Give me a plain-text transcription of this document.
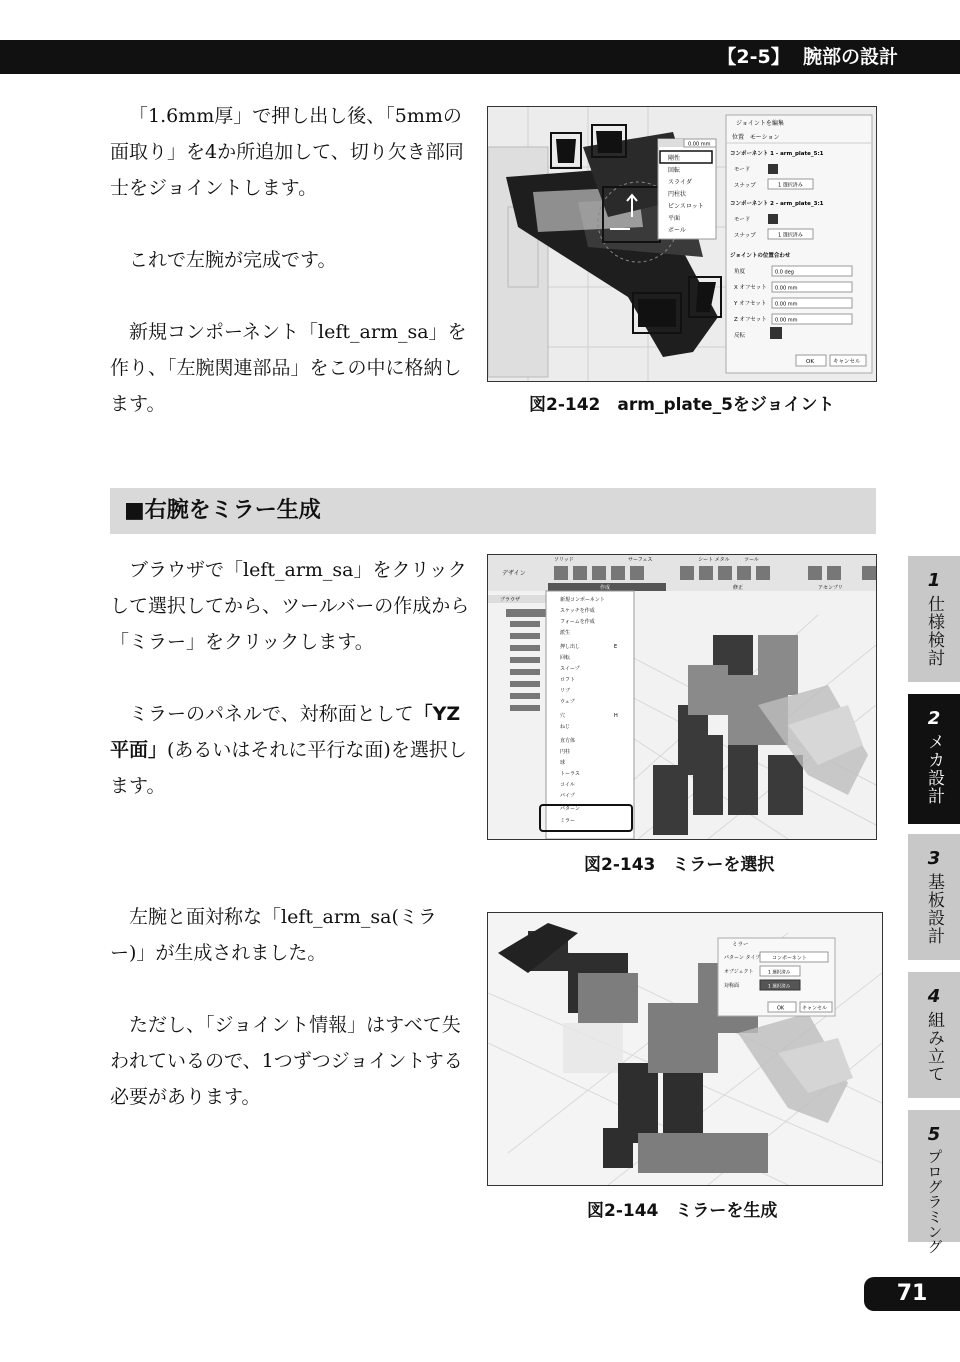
【2-5】 腕部の設計

「1.6mm厚」で押し出し後、「5mmの面取り」を4か所追加して、切り欠き部同士をジョイントします。

これで左腕が完成です。

新規コンポーネント「left_arm_sa」を作り、「左腕関連部品」をこの中に格納します。

剛性
回転
スライダ
円柱状
ピンスロット
平面
ボール
0.00 mm
ジョイントを編集
位置 モーション
コンポーネント 1 - arm_plate_5:1
モード
スナップ	1 選択済み
コンポーネント 2 - arm_plate_3:1
モード
スナップ	1 選択済み
ジョイントの位置合わせ
角度	0.0 deg
X オフセット 0.00 mm
Y オフセット 0.00 mm
Z オフセット 0.00 mm
反転
OK	キャンセル
図2-142　arm_plate_5をジョイント
■右腕をミラー生成

ブラウザで「left_arm_sa」をクリックして選択してから、ツールバーの作成から「ミラー」をクリックします。

ミラーのパネルで、対称面として「YZ平面」(あるいはそれに平行な面)を選択します。

デザイン
ソリッド	サーフェス	シート メタル	ツール
作成	修正	アセンブリ
ブラウザ	新規コンポーネント
スケッチを作成
フォームを作成
派生
押し出し	E
回転
スイープ
ロフト
リブ
ウェブ
穴	H
ねじ
直方体
円柱
球
トーラス
コイル
パイプ
パターン
ミラー
図2-143　ミラーを選択

左腕と面対称な「left_arm_sa(ミラー)」が生成されました。

ただし、「ジョイント情報」はすべて失われているので、1つずつジョイントする必要があります。

ミラー
パターン タイプ コンポーネント
オブジェクト	1 選択済み
対称面	1 選択済み
OK	キャンセル
図2-144　ミラーを生成
1
仕様検討
2
メカ設計
3
基板設計
4
組み立て
5
プログラミング
71
